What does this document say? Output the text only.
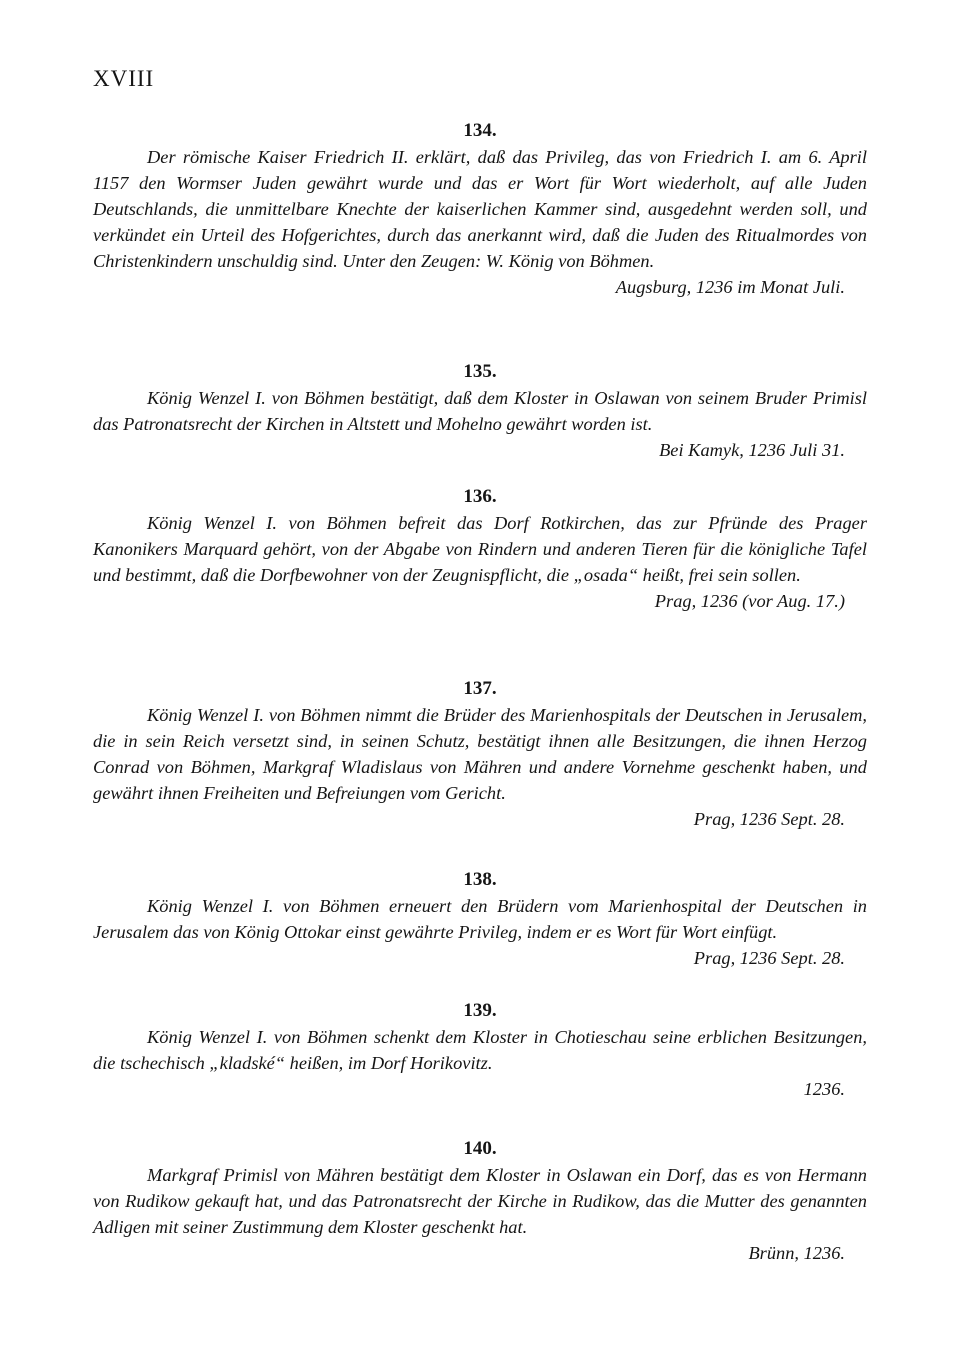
XVIII
134.

Der römische Kaiser Friedrich II. erklärt, daß das Privileg, das von Friedrich I. am 6. April 1157 den Wormser Juden gewährt wurde und das er Wort für Wort wiederholt, auf alle Juden Deutschlands, die unmittelbare Knechte der kaiserlichen Kammer sind, ausgedehnt werden soll, und verkündet ein Urteil des Hofgerichtes, durch das anerkannt wird, daß die Juden des Ritualmordes von Christenkindern unschuldig sind. Unter den Zeugen: W. König von Böhmen.

Augsburg, 1236 im Monat Juli.

135.

König Wenzel I. von Böhmen bestätigt, daß dem Kloster in Oslawan von seinem Bruder Primisl das Patronatsrecht der Kirchen in Altstett und Mohelno gewährt worden ist.

Bei Kamyk, 1236 Juli 31.

136.

König Wenzel I. von Böhmen befreit das Dorf Rotkirchen, das zur Pfründe des Prager Kanonikers Marquard gehört, von der Abgabe von Rindern und anderen Tieren für die königliche Tafel und bestimmt, daß die Dorfbewohner von der Zeugnispflicht, die „osada“ heißt, frei sein sollen.

Prag, 1236 (vor Aug. 17.)

137.

König Wenzel I. von Böhmen nimmt die Brüder des Marienhospitals der Deutschen in Jerusalem, die in sein Reich versetzt sind, in seinen Schutz, bestätigt ihnen alle Besitzungen, die ihnen Herzog Conrad von Böhmen, Markgraf Wladislaus von Mähren und andere Vornehme geschenkt haben, und gewährt ihnen Freiheiten und Befreiungen vom Gericht.

Prag, 1236 Sept. 28.

138.

König Wenzel I. von Böhmen erneuert den Brüdern vom Marienhospital der Deutschen in Jerusalem das von König Ottokar einst gewährte Privileg, indem er es Wort für Wort einfügt.

Prag, 1236 Sept. 28.

139.

König Wenzel I. von Böhmen schenkt dem Kloster in Chotieschau seine erblichen Besitzungen, die tschechisch „kladské“ heißen, im Dorf Horikovitz.

1236.

140.

Markgraf Primisl von Mähren bestätigt dem Kloster in Oslawan ein Dorf, das es von Hermann von Rudikow gekauft hat, und das Patronatsrecht der Kirche in Rudikow, das die Mutter des genannten Adligen mit seiner Zustimmung dem Kloster geschenkt hat.

Brünn, 1236.
